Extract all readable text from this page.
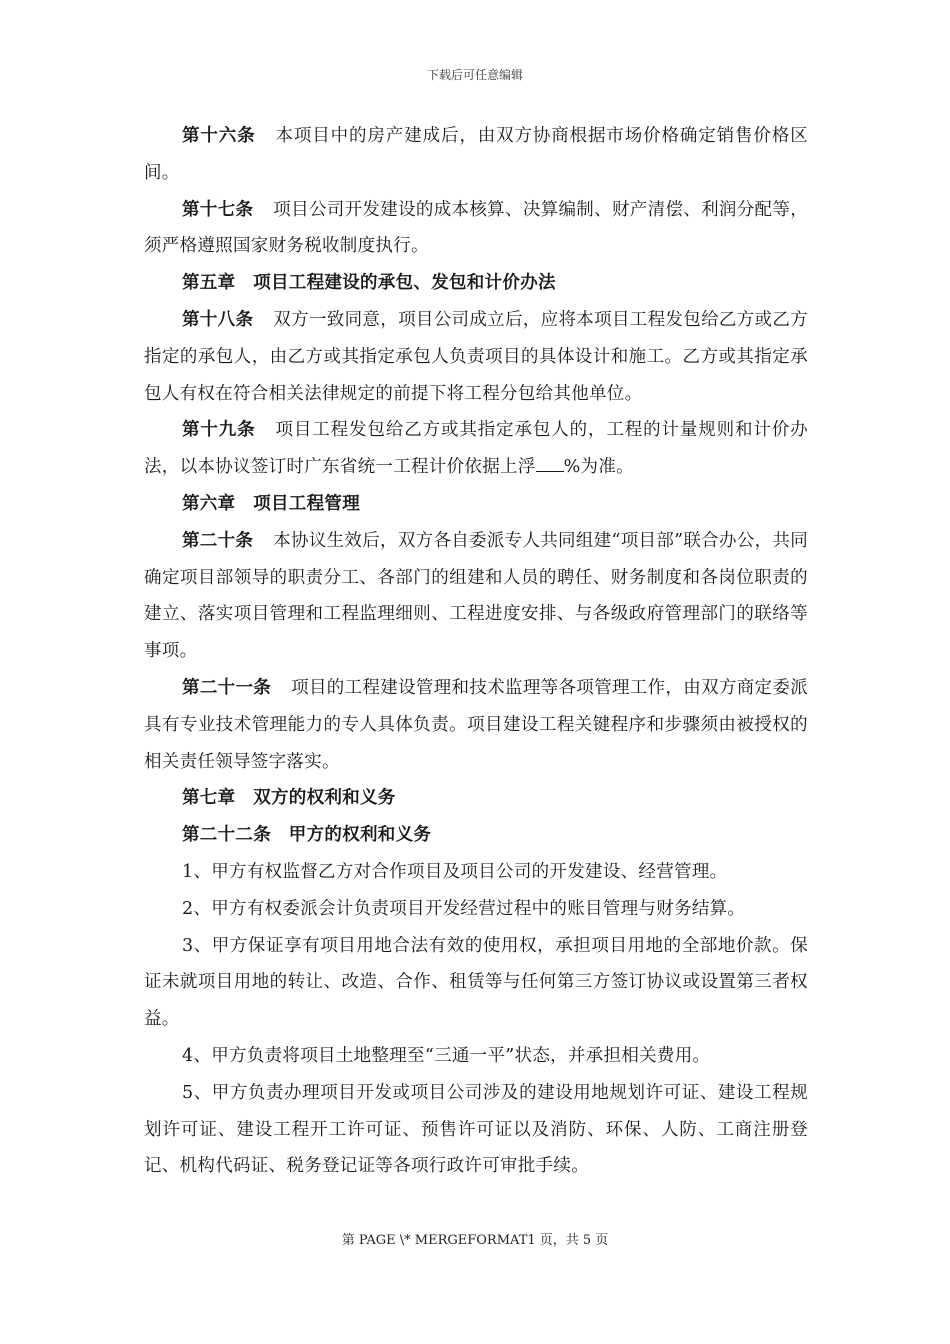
下载后可任意编辑

第十六条 本项目中的房产建成后，由双方协商根据市场价格确定销售价格区间。

第十七条 项目公司开发建设的成本核算、决算编制、财产清偿、利润分配等，须严格遵照国家财务税收制度执行。

第五章　项目工程建设的承包、发包和计价办法

第十八条 双方一致同意，项目公司成立后，应将本项目工程发包给乙方或乙方指定的承包人，由乙方或其指定承包人负责项目的具体设计和施工。乙方或其指定承包人有权在符合相关法律规定的前提下将工程分包给其他单位。

第十九条 项目工程发包给乙方或其指定承包人的，工程的计量规则和计价办法，以本协议签订时广东省统一工程计价依据上浮 %为准。

第六章　项目工程管理

第二十条 本协议生效后，双方各自委派专人共同组建“项目部”联合办公，共同确定项目部领导的职责分工、各部门的组建和人员的聘任、财务制度和各岗位职责的建立、落实项目管理和工程监理细则、工程进度安排、与各级政府管理部门的联络等事项。

第二十一条 项目的工程建设管理和技术监理等各项管理工作，由双方商定委派具有专业技术管理能力的专人具体负责。项目建设工程关键程序和步骤须由被授权的相关责任领导签字落实。

第七章　双方的权利和义务

第二十二条　甲方的权利和义务

1、甲方有权监督乙方对合作项目及项目公司的开发建设、经营管理。

2、甲方有权委派会计负责项目开发经营过程中的账目管理与财务结算。

3、甲方保证享有项目用地合法有效的使用权，承担项目用地的全部地价款。保证未就项目用地的转让、改造、合作、租赁等与任何第三方签订协议或设置第三者权益。

4、甲方负责将项目土地整理至“三通一平”状态，并承担相关费用。

5、甲方负责办理项目开发或项目公司涉及的建设用地规划许可证、建设工程规划许可证、建设工程开工许可证、预售许可证以及消防、环保、人防、工商注册登记、机构代码证、税务登记证等各项行政许可审批手续。

第 PAGE \* MERGEFORMAT1 页，共 5 页
